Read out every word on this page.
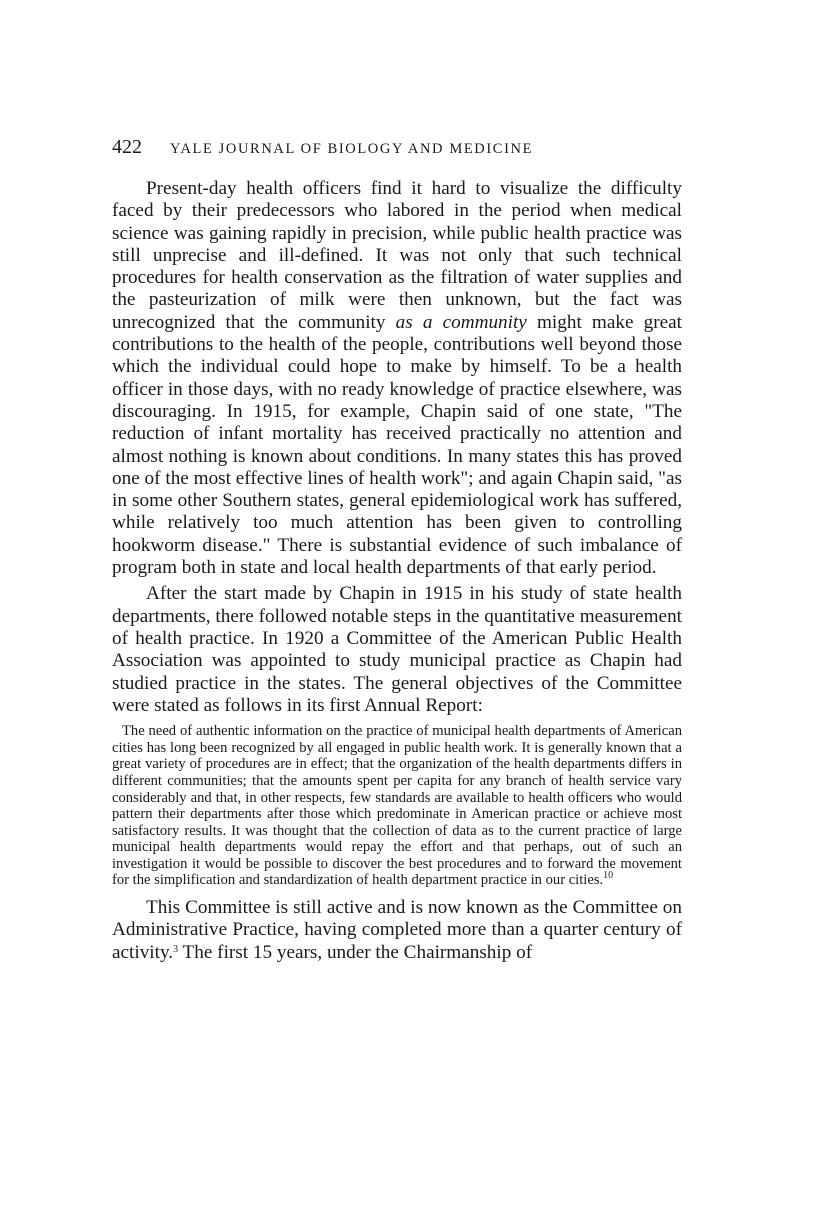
422	YALE JOURNAL OF BIOLOGY AND MEDICINE

Present-day health officers find it hard to visualize the difficulty faced by their predecessors who labored in the period when medical science was gaining rapidly in precision, while public health practice was still unprecise and ill-defined. It was not only that such technical procedures for health conservation as the filtration of water supplies and the pasteurization of milk were then unknown, but the fact was unrecognized that the community as a community might make great contributions to the health of the people, contributions well beyond those which the individual could hope to make by himself. To be a health officer in those days, with no ready knowledge of practice elsewhere, was discouraging. In 1915, for example, Chapin said of one state, "The reduction of infant mortality has received practically no attention and almost nothing is known about conditions. In many states this has proved one of the most effective lines of health work"; and again Chapin said, "as in some other Southern states, general epidemiological work has suffered, while relatively too much attention has been given to controlling hookworm disease." There is substantial evidence of such imbalance of program both in state and local health departments of that early period.

After the start made by Chapin in 1915 in his study of state health departments, there followed notable steps in the quantitative measurement of health practice. In 1920 a Committee of the American Public Health Association was appointed to study municipal practice as Chapin had studied practice in the states. The general objectives of the Committee were stated as follows in its first Annual Report:

The need of authentic information on the practice of municipal health departments of American cities has long been recognized by all engaged in public health work. It is generally known that a great variety of procedures are in effect; that the organization of the health departments differs in different communities; that the amounts spent per capita for any branch of health service vary considerably and that, in other respects, few standards are available to health officers who would pattern their departments after those which predominate in American practice or achieve most satisfactory results. It was thought that the collection of data as to the current practice of large municipal health departments would repay the effort and that perhaps, out of such an investigation it would be possible to discover the best procedures and to forward the movement for the simplification and standardization of health department practice in our cities.$^{10}$

This Committee is still active and is now known as the Committee on Administrative Practice, having completed more than a quarter century of activity.$^3$ The first 15 years, under the Chairmanship of
